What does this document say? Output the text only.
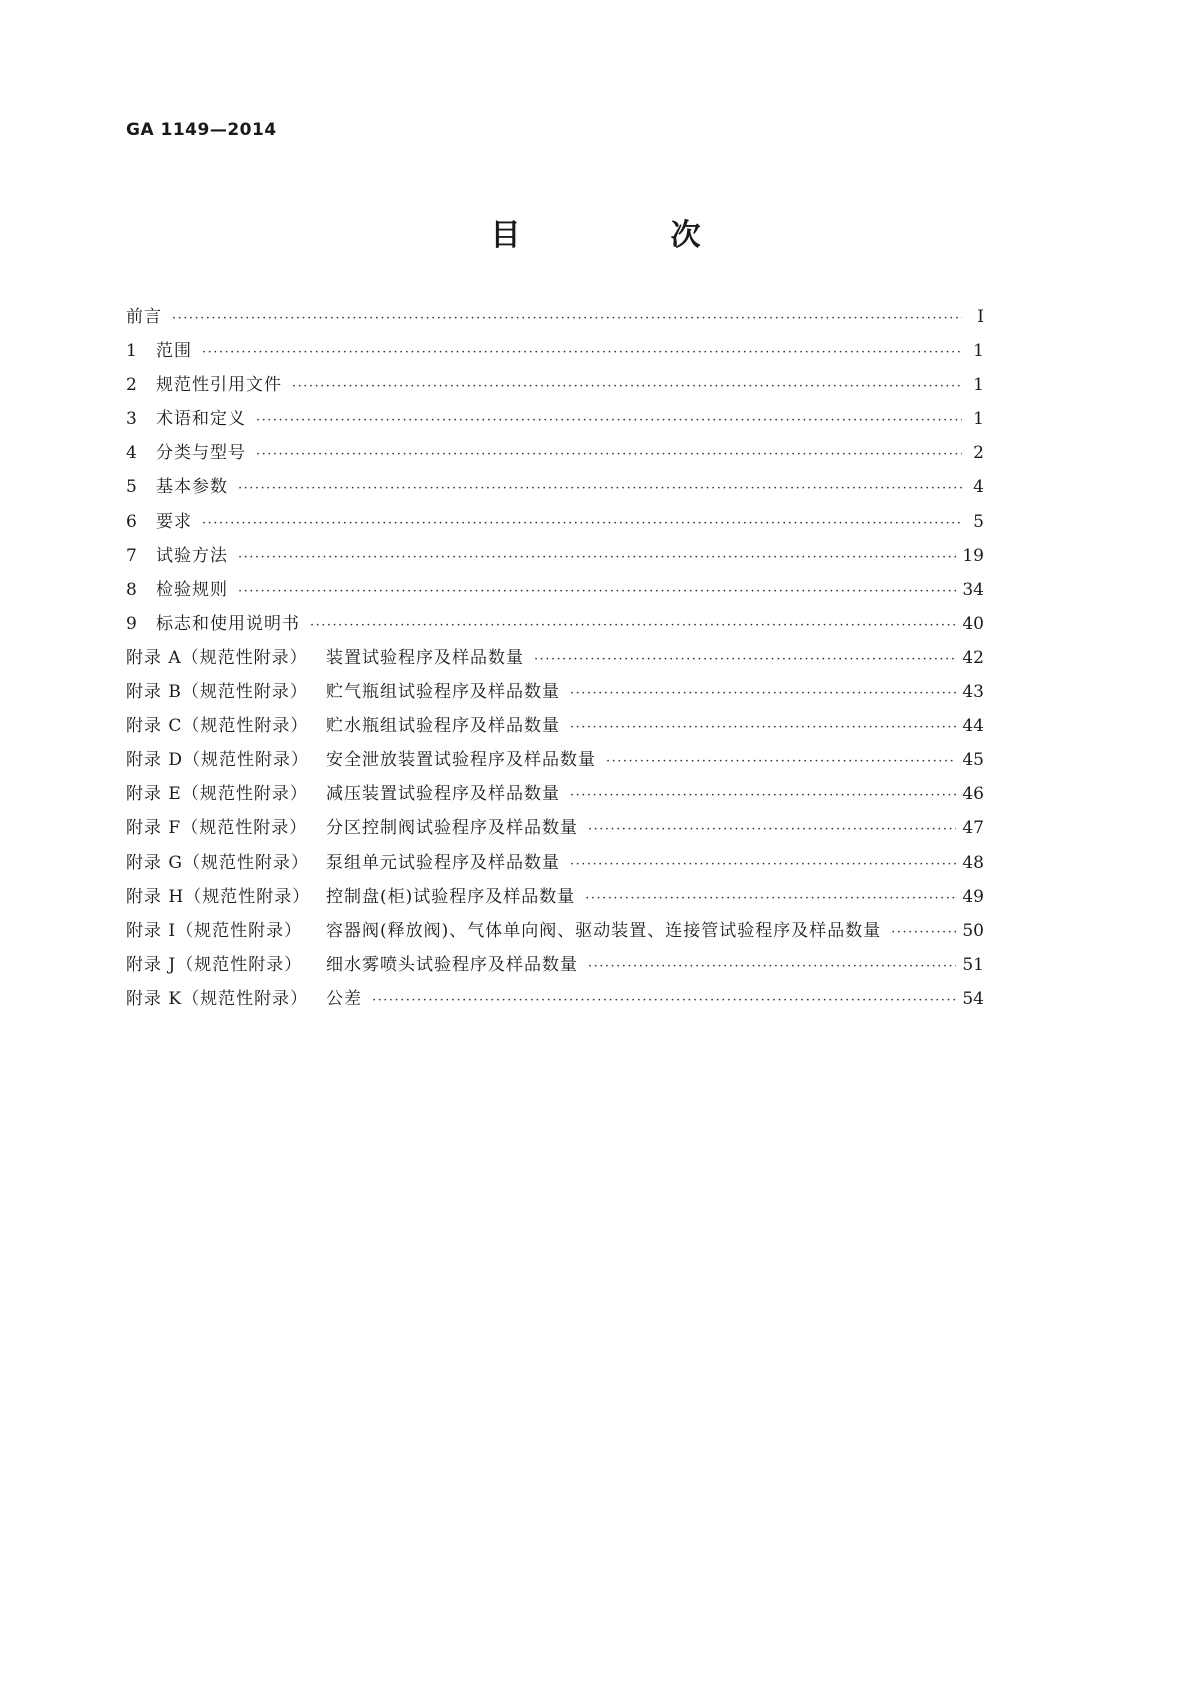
GA 1149—2014
目　次
前言 ·····	Ⅰ
1	范围 ·····	1
2	规范性引用文件 ·····	1
3	术语和定义 ·····	1
4	分类与型号 ·····	2
5	基本参数 ·····	4
6	要求 ·····	5
7	试验方法 ·····	19
8	检验规则 ·····	34
9	标志和使用说明书 ·····	40
附录 A（规范性附录）	装置试验程序及样品数量 ·····	42
附录 B（规范性附录）	贮气瓶组试验程序及样品数量 ·····	43
附录 C（规范性附录）	贮水瓶组试验程序及样品数量 ·····	44
附录 D（规范性附录） 安全泄放装置试验程序及样品数量 ·····	45
附录 E（规范性附录）	减压装置试验程序及样品数量 ·····	46
附录 F（规范性附录）	分区控制阀试验程序及样品数量 ·····	47
附录 G（规范性附录）	泵组单元试验程序及样品数量 ·····	48
附录 H（规范性附录） 控制盘(柜)试验程序及样品数量 ·····	49
附录 I（规范性附录）	容器阀(释放阀)、气体单向阀、驱动装置、连接管试验程序及样品数量 ·····	50
附录 J（规范性附录）	细水雾喷头试验程序及样品数量 ·····	51
附录 K（规范性附录）	公差 ·····	54
